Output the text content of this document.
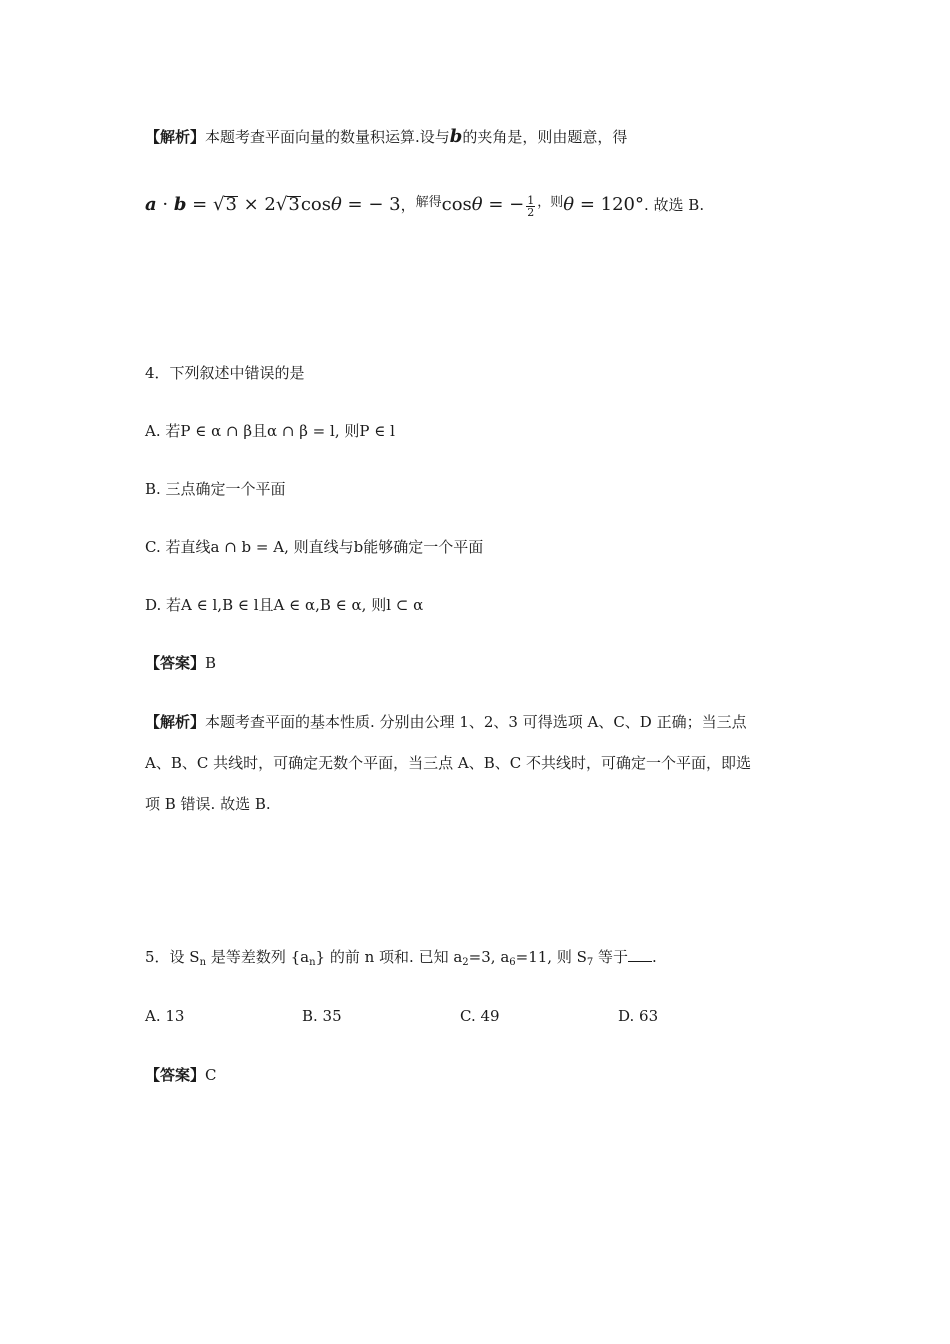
【解析】本题考查平面向量的数量积运算.设与b的夹角是，则由题意，得
a · b = √3 × 2√3cosθ = − 3，解得cosθ = − $\frac{1}{2}$ ，则θ = 120°. 故选 B.
4．下列叙述中错误的是
A. 若P ∈ α ∩ β且α ∩ β = l, 则P ∈ l
B. 三点确定一个平面
C. 若直线a ∩ b = A, 则直线与b能够确定一个平面
D. 若A ∈ l,B ∈ l且A ∈ α,B ∈ α, 则l ⊂ α
【答案】B
【解析】本题考查平面的基本性质. 分别由公理 1、2、3 可得选项 A、C、D 正确；当三点
A、B、C 共线时，可确定无数个平面，当三点 A、B、C 不共线时，可确定一个平面，即选
项 B 错误. 故选 B.
5．设 $S_n$ 是等差数列 $\{a_n\}$ 的前 n 项和. 已知 $a_2=3$, $a_6=11$, 则 $S_7$ 等于 .
A. 13	B. 35	C. 49	D. 63
【答案】C
